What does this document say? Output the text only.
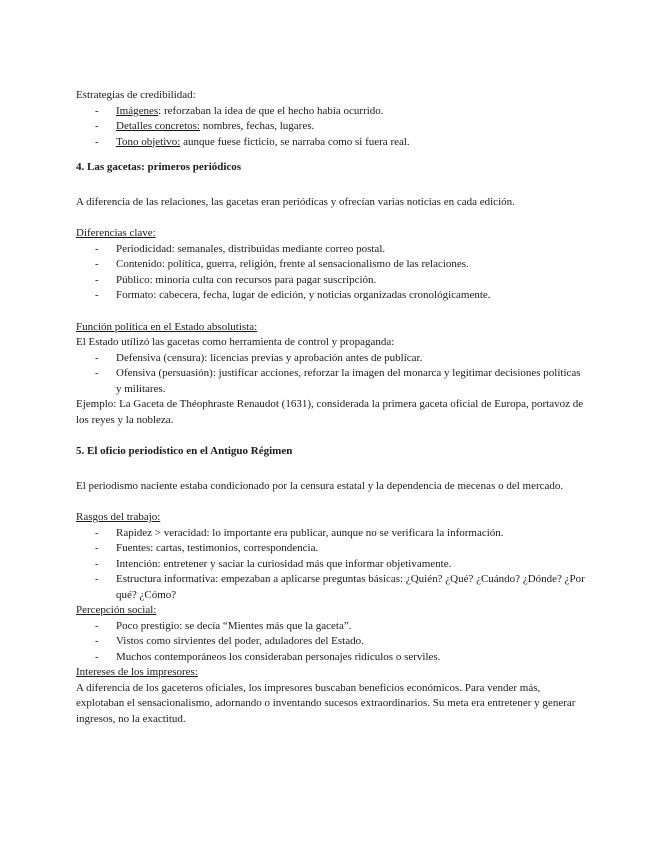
Estrategias de credibilidad:

- Imágenes: reforzaban la idea de que el hecho había ocurrido.
- Detalles concretos: nombres, fechas, lugares.
- Tono objetivo: aunque fuese ficticio, se narraba como si fuera real.
4. Las gacetas: primeros periódicos

A diferencia de las relaciones, las gacetas eran periódicas y ofrecían varias noticias en cada edición.

Diferencias clave:

- Periodicidad: semanales, distribuidas mediante correo postal.
- Contenido: política, guerra, religión, frente al sensacionalismo de las relaciones.
- Público: minoría culta con recursos para pagar suscripción.
- Formato: cabecera, fecha, lugar de edición, y noticias organizadas cronológicamente.

Función política en el Estado absolutista:

El Estado utilizó las gacetas como herramienta de control y propaganda:

- Defensiva (censura): licencias previas y aprobación antes de publicar.
- Ofensiva (persuasión): justificar acciones, reforzar la imagen del monarca y legitimar decisiones políticas y militares.

Ejemplo: La Gaceta de Théophraste Renaudot (1631), considerada la primera gaceta oficial de Europa, portavoz de los reyes y la nobleza.

5. El oficio periodístico en el Antiguo Régimen

El periodismo naciente estaba condicionado por la censura estatal y la dependencia de mecenas o del mercado.

Rasgos del trabajo:

- Rapidez > veracidad: lo importante era publicar, aunque no se verificara la información.
- Fuentes: cartas, testimonios, correspondencia.
- Intención: entretener y saciar la curiosidad más que informar objetivamente.
- Estructura informativa: empezaban a aplicarse preguntas básicas: ¿Quién? ¿Qué? ¿Cuándo? ¿Dónde? ¿Por qué? ¿Cómo?

Percepción social:

- Poco prestigio: se decía “Mientes más que la gaceta”.
- Vistos como sirvientes del poder, aduladores del Estado.
- Muchos contemporáneos los consideraban personajes ridículos o serviles.

Intereses de los impresores:

A diferencia de los gaceteros oficiales, los impresores buscaban beneficios económicos. Para vender más, explotaban el sensacionalismo, adornando o inventando sucesos extraordinarios. Su meta era entretener y generar ingresos, no la exactitud.
